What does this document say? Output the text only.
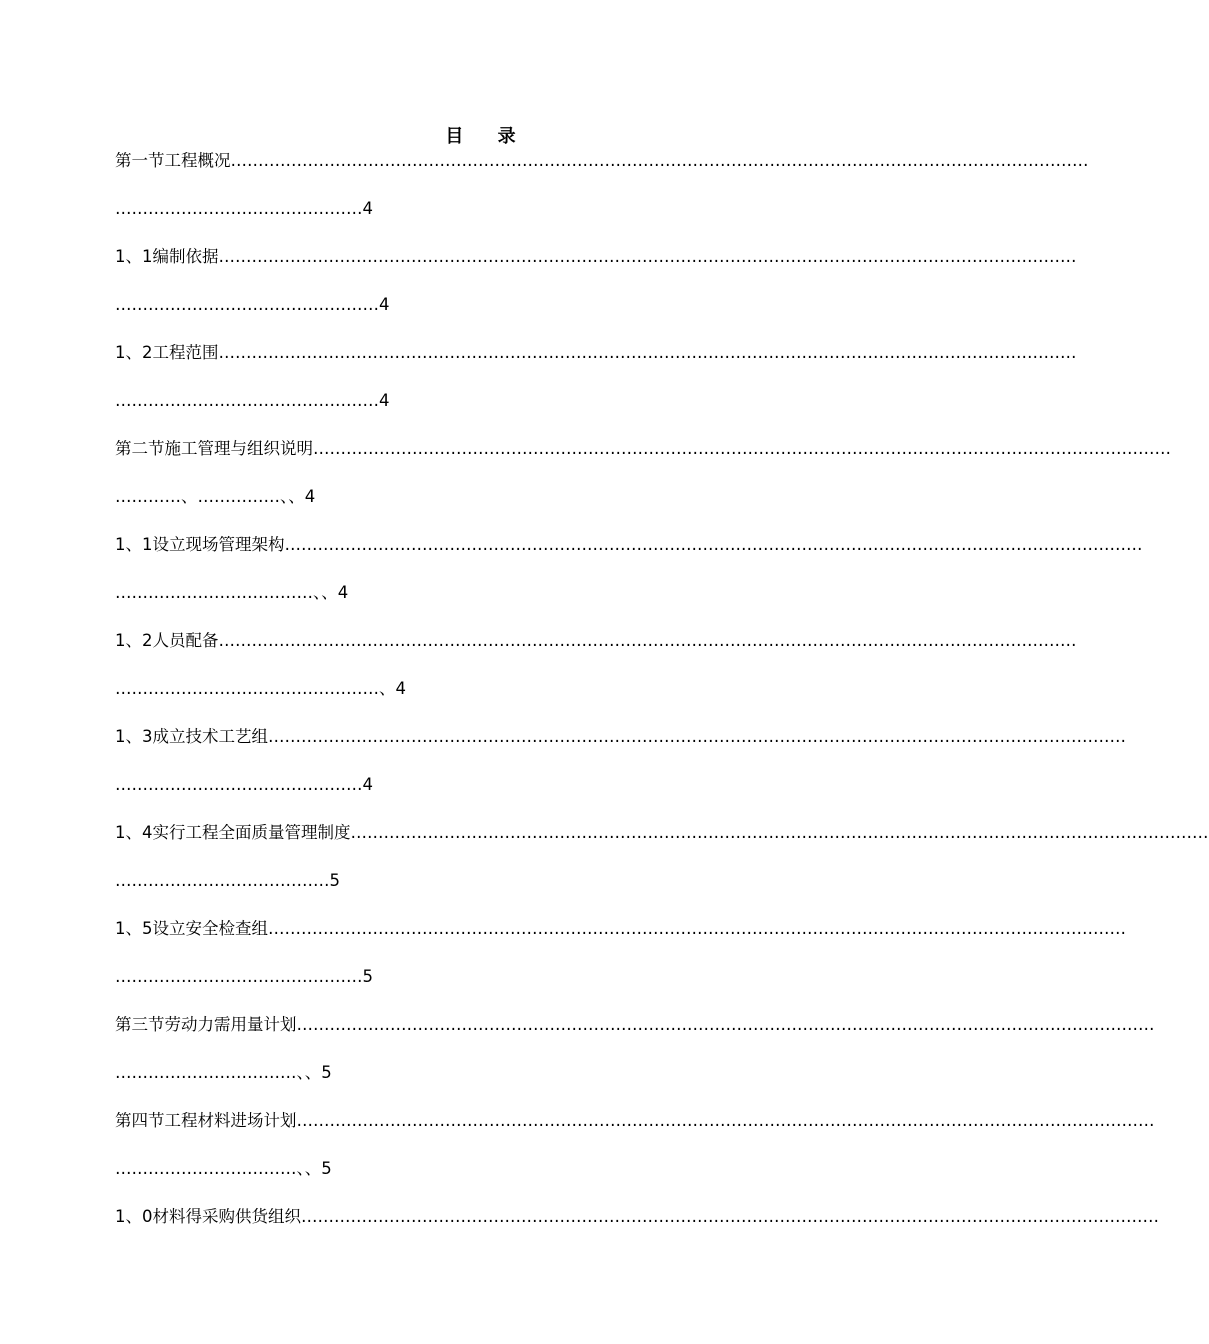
目 录
第一节工程概况 …………………………………………………………………………………………………………………………………………
………………………………………4
1、1编制依据 …………………………………………………………………………………………………………………………………………
…………………………………………4
1、2工程范围 …………………………………………………………………………………………………………………………………………
…………………………………………4
第二节施工管理与组织说明 …………………………………………………………………………………………………………………………………………
…………、……………、、4
1、1设立现场管理架构 …………………………………………………………………………………………………………………………………………
………………………………、、4
1、2人员配备 …………………………………………………………………………………………………………………………………………
…………………………………………、4
1、3成立技术工艺组 …………………………………………………………………………………………………………………………………………
………………………………………4
1、4实行工程全面质量管理制度 …………………………………………………………………………………………………………………………………………
…………………………………5
1、5设立安全检查组 …………………………………………………………………………………………………………………………………………
………………………………………5
第三节劳动力需用量计划 …………………………………………………………………………………………………………………………………………
……………………………、、5
第四节工程材料进场计划 …………………………………………………………………………………………………………………………………………
……………………………、、5
1、0材料得采购供货组织 …………………………………………………………………………………………………………………………………………
